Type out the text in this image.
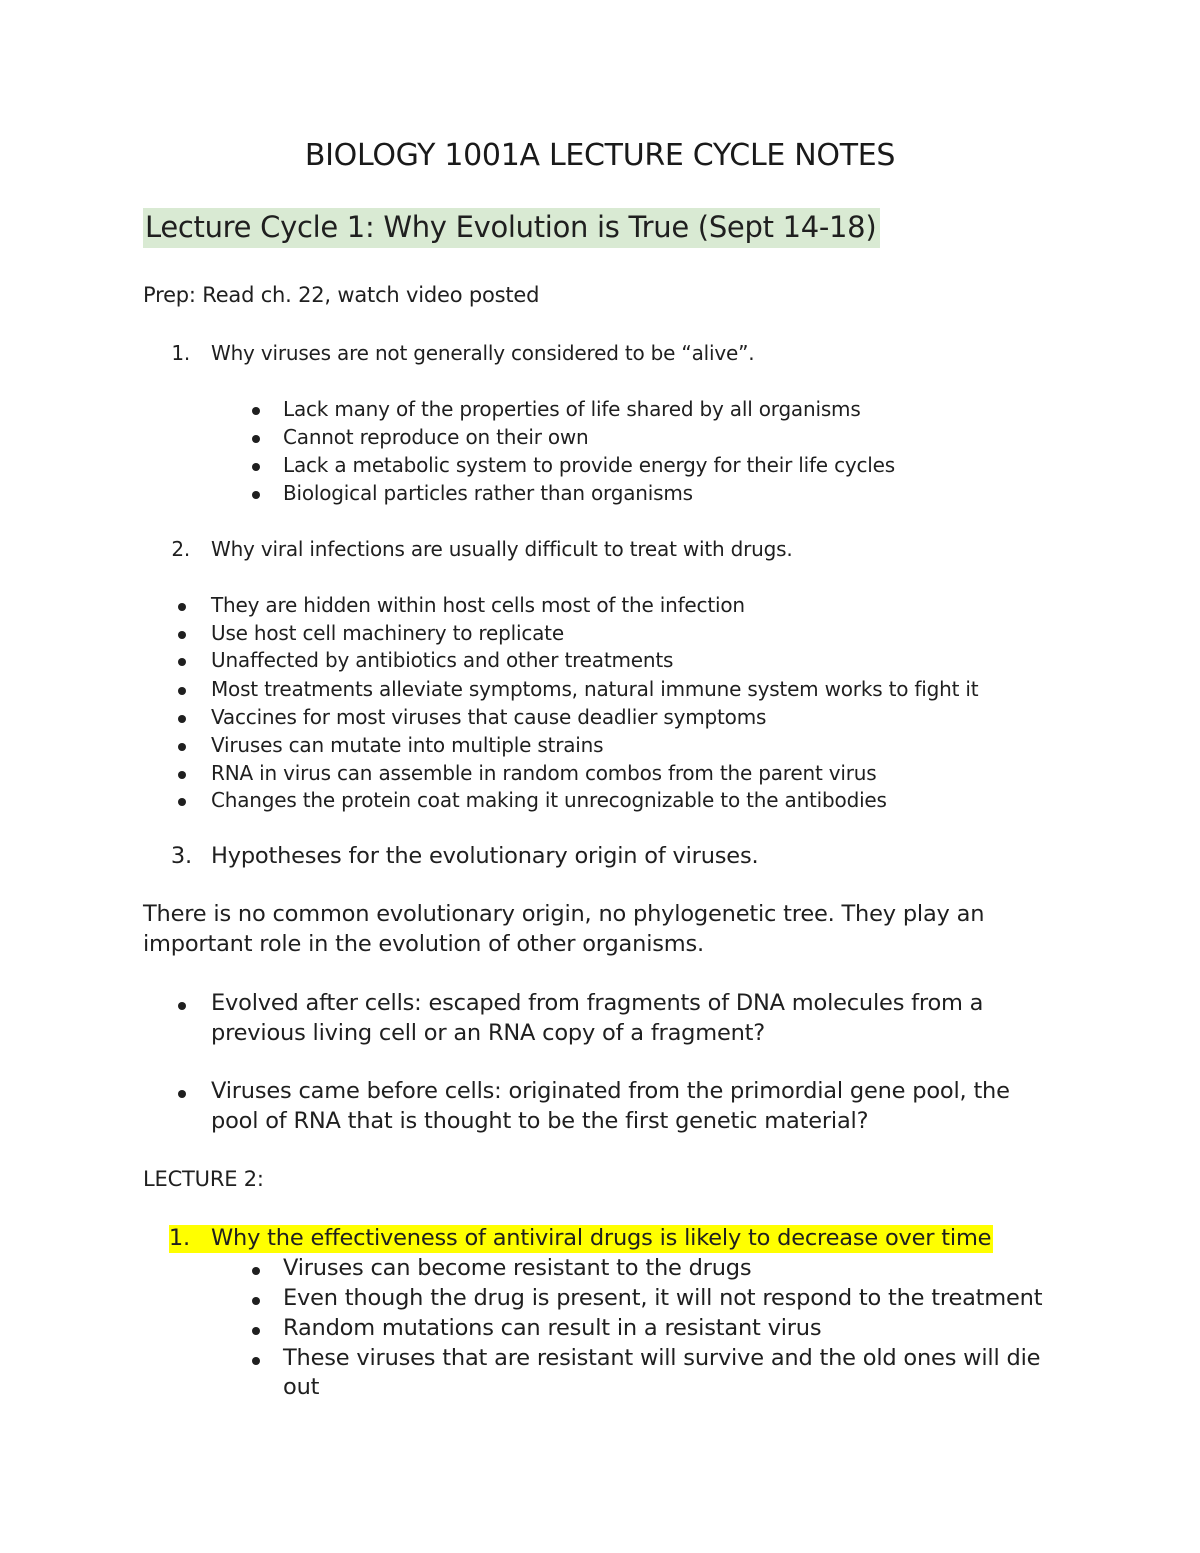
BIOLOGY 1001A LECTURE CYCLE NOTES
Lecture Cycle 1: Why Evolution is True (Sept 14-18)
Prep: Read ch. 22, watch video posted
1. Why viruses are not generally considered to be “alive”.
Lack many of the properties of life shared by all organisms
Cannot reproduce on their own
Lack a metabolic system to provide energy for their life cycles
Biological particles rather than organisms
2. Why viral infections are usually difficult to treat with drugs.
They are hidden within host cells most of the infection
Use host cell machinery to replicate
Unaffected by antibiotics and other treatments
Most treatments alleviate symptoms, natural immune system works to fight it
Vaccines for most viruses that cause deadlier symptoms
Viruses can mutate into multiple strains
RNA in virus can assemble in random combos from the parent virus
Changes the protein coat making it unrecognizable to the antibodies
3. Hypotheses for the evolutionary origin of viruses.
There is no common evolutionary origin, no phylogenetic tree. They play an
important role in the evolution of other organisms.
Evolved after cells: escaped from fragments of DNA molecules from a
previous living cell or an RNA copy of a fragment?
Viruses came before cells: originated from the primordial gene pool, the
pool of RNA that is thought to be the first genetic material?
LECTURE 2:
1. Why the effectiveness of antiviral drugs is likely to decrease over time
Viruses can become resistant to the drugs
Even though the drug is present, it will not respond to the treatment
Random mutations can result in a resistant virus
These viruses that are resistant will survive and the old ones will die
out
